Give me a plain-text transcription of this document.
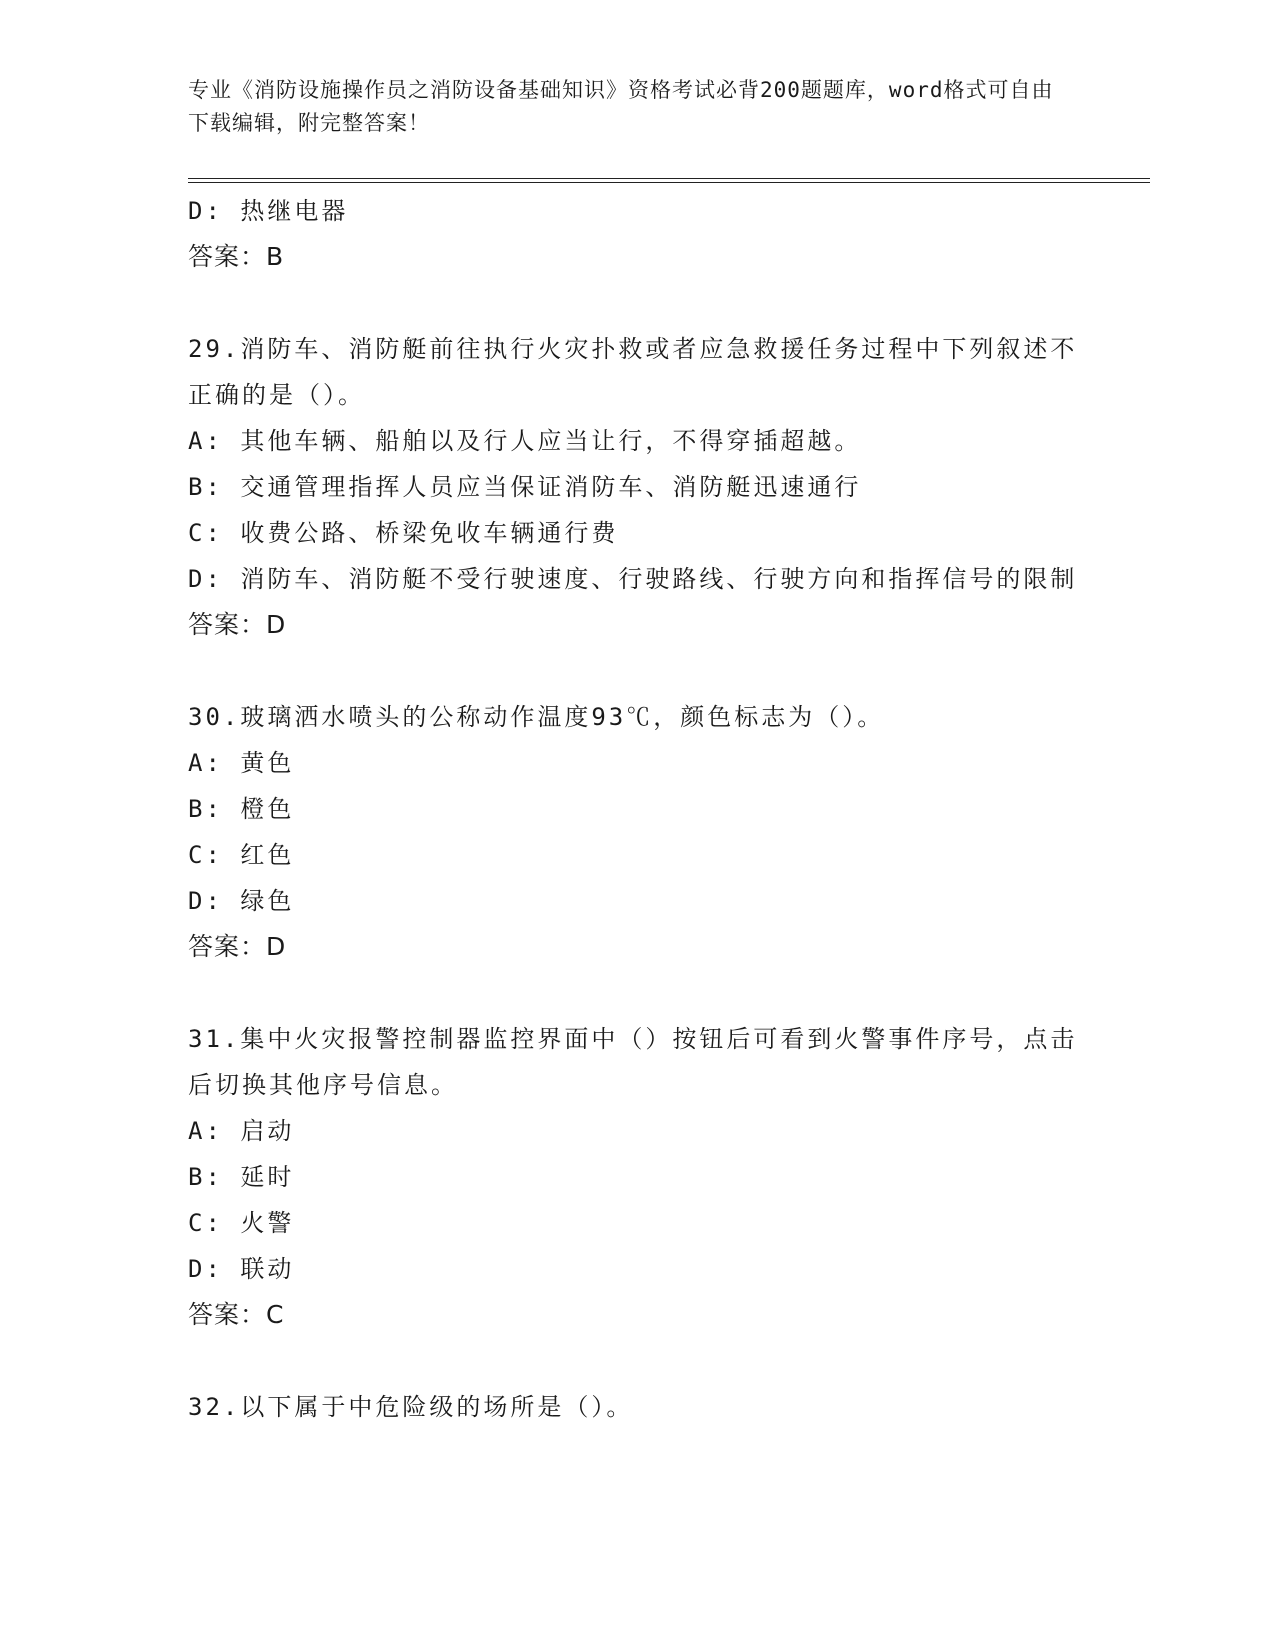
专业《消防设施操作员之消防设备基础知识》资格考试必背200题题库，word格式可自由下载编辑，附完整答案！
D: 热继电器
答案：B
29.消防车、消防艇前往执行火灾扑救或者应急救援任务过程中下列叙述不正确的是（）。
A: 其他车辆、船舶以及行人应当让行，不得穿插超越。
B: 交通管理指挥人员应当保证消防车、消防艇迅速通行
C: 收费公路、桥梁免收车辆通行费
D: 消防车、消防艇不受行驶速度、行驶路线、行驶方向和指挥信号的限制
答案：D
30.玻璃洒水喷头的公称动作温度93℃，颜色标志为（）。
A: 黄色
B: 橙色
C: 红色
D: 绿色
答案：D
31.集中火灾报警控制器监控界面中（）按钮后可看到火警事件序号，点击后切换其他序号信息。
A: 启动
B: 延时
C: 火警
D: 联动
答案：C
32.以下属于中危险级的场所是（）。
